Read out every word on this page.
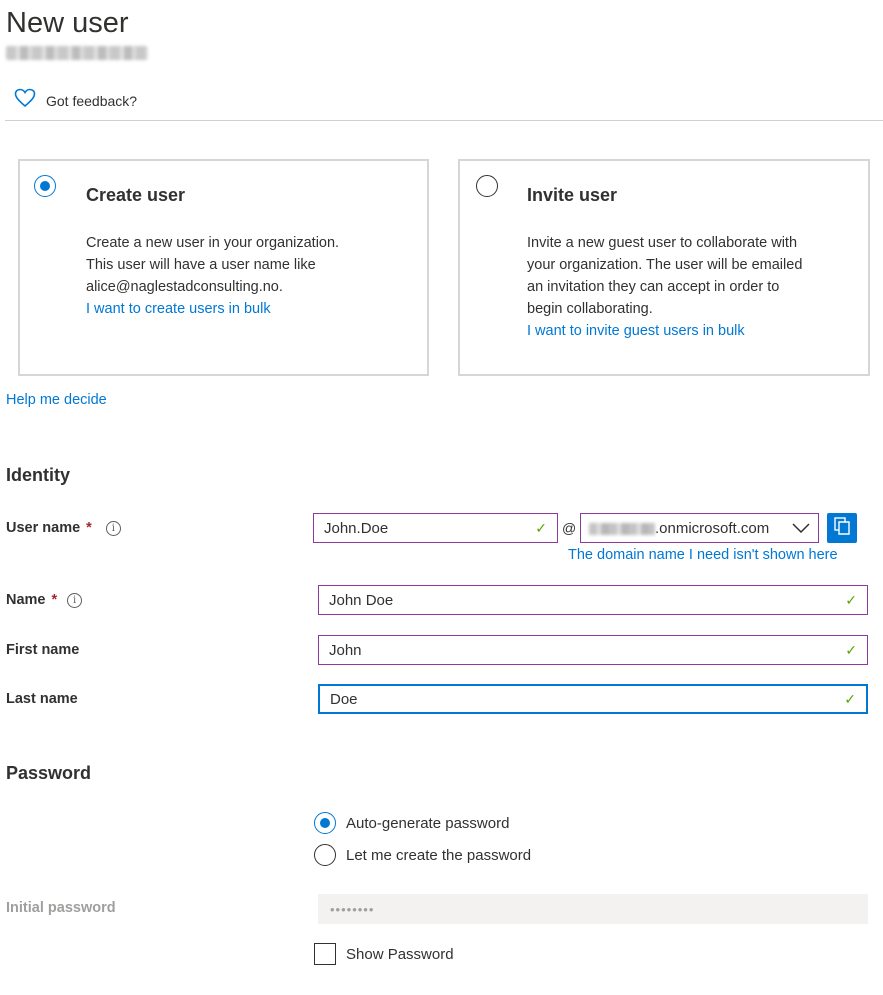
New user
Got feedback?
Create user
Create a new user in your organization.
This user will have a user name like
alice@naglestadconsulting.no.
I want to create users in bulk
Invite user
Invite a new guest user to collaborate with
your organization. The user will be emailed
an invitation they can accept in order to
begin collaborating.
I want to invite guest users in bulk
Help me decide
Identity
User name *	i	John.Doe	✓ @	.onmicrosoft.com
The domain name I need isn't shown here
Name *	i	John Doe	✓
First name	John	✓
Last name	Doe	✓
Password
Auto-generate password
Let me create the password
Initial password	••••••••
Show Password
